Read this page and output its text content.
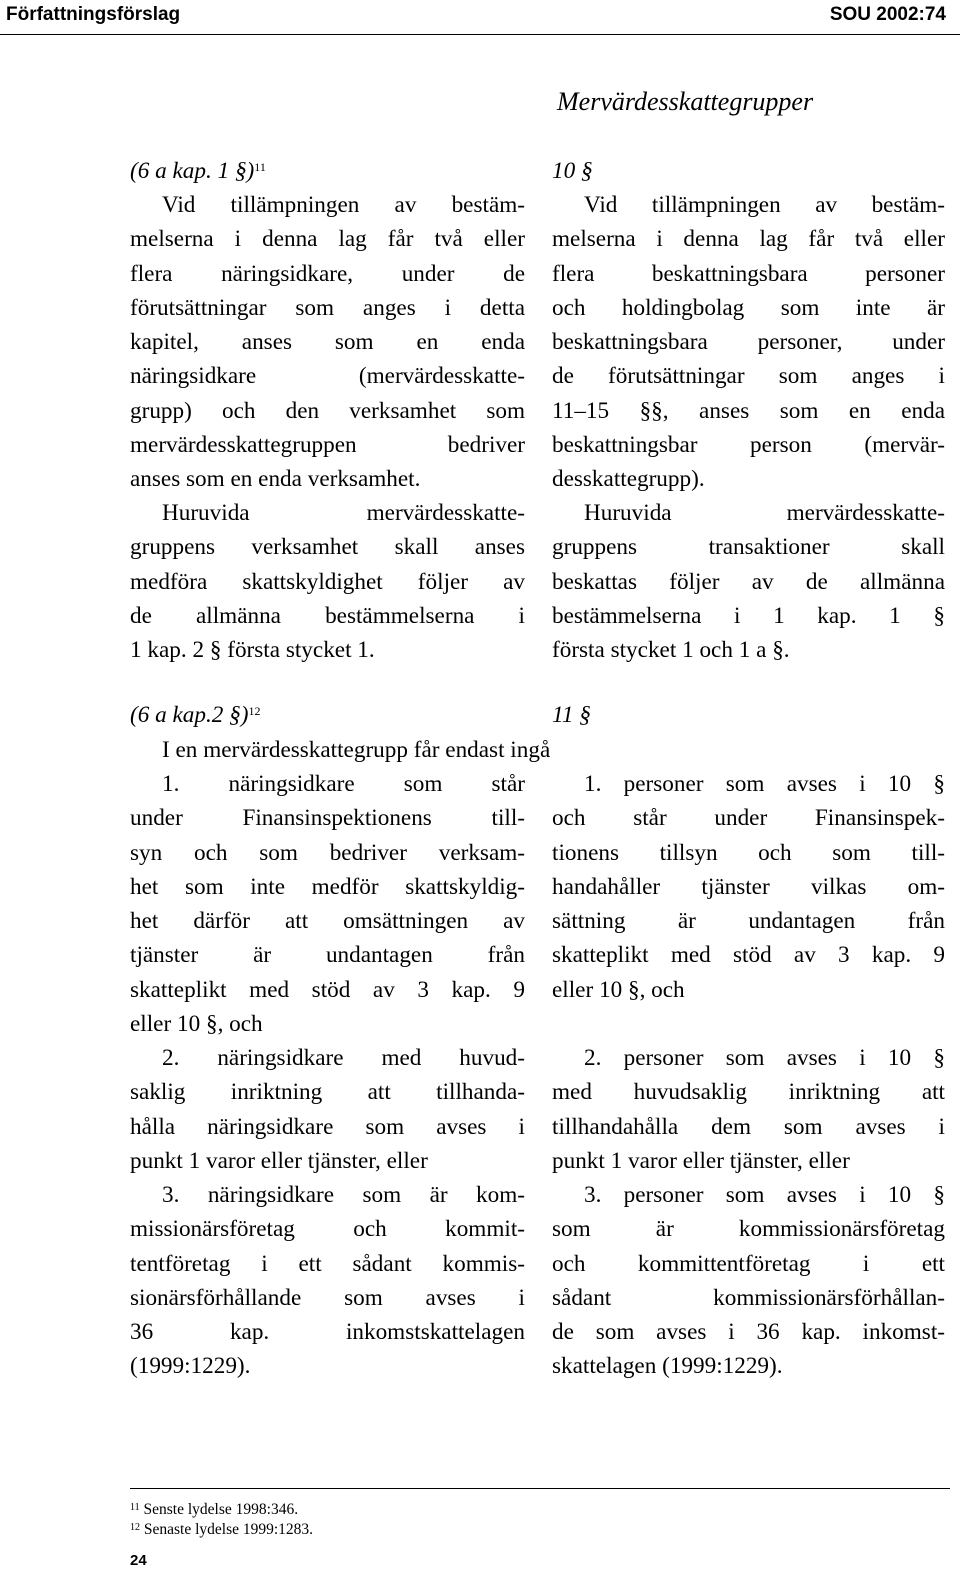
Författningsförslag	SOU 2002:74
Mervärdesskattegrupper
(6 a kap. 1 §)$^{11}$	10 §
Vid tillämpningen av bestäm-
melserna i denna lag får två eller
flera näringsidkare, under de
förutsättningar som anges i detta
kapitel, anses som en enda
näringsidkare (mervärdesskatte-
grupp) och den verksamhet som
mervärdesskattegruppen bedriver
anses som en enda verksamhet.
Huruvida mervärdesskatte-
gruppens verksamhet skall anses
medföra skattskyldighet följer av
de allmänna bestämmelserna i
1 kap. 2 § första stycket 1.
Vid tillämpningen av bestäm-
melserna i denna lag får två eller
flera beskattningsbara personer
och holdingbolag som inte är
beskattningsbara personer, under
de förutsättningar som anges i
11–15 §§, anses som en enda
beskattningsbar person (mervär-
desskattegrupp).
Huruvida mervärdesskatte-
gruppens transaktioner skall
beskattas följer av de allmänna
bestämmelserna i 1 kap. 1 §
första stycket 1 och 1 a §.
(6 a kap.2 §)$^{12}$	11 §
I en mervärdesskattegrupp får endast ingå
1. näringsidkare som står
under Finansinspektionens till-
syn och som bedriver verksam-
het som inte medför skattskyldig-
het därför att omsättningen av
tjänster är undantagen från
skatteplikt med stöd av 3 kap. 9
eller 10 §, och
2. näringsidkare med huvud-
saklig inriktning att tillhanda-
hålla näringsidkare som avses i
punkt 1 varor eller tjänster, eller
3. näringsidkare som är kom-
missionärsföretag och kommit-
tentföretag i ett sådant kommis-
sionärsförhållande som avses i
36 kap. inkomstskattelagen
(1999:1229).
1. personer som avses i 10 §
och står under Finansinspek-
tionens tillsyn och som till-
handahåller tjänster vilkas om-
sättning är undantagen från
skatteplikt med stöd av 3 kap. 9
eller 10 §, och
2. personer som avses i 10 §
med huvudsaklig inriktning att
tillhandahålla dem som avses i
punkt 1 varor eller tjänster, eller
3. personer som avses i 10 §
som är kommissionärsföretag
och kommittentföretag i ett
sådant kommissionärsförhållan-
de som avses i 36 kap. inkomst-
skattelagen (1999:1229).
$^{11}$ Senste lydelse 1998:346.
$^{12}$ Senaste lydelse 1999:1283.
24
